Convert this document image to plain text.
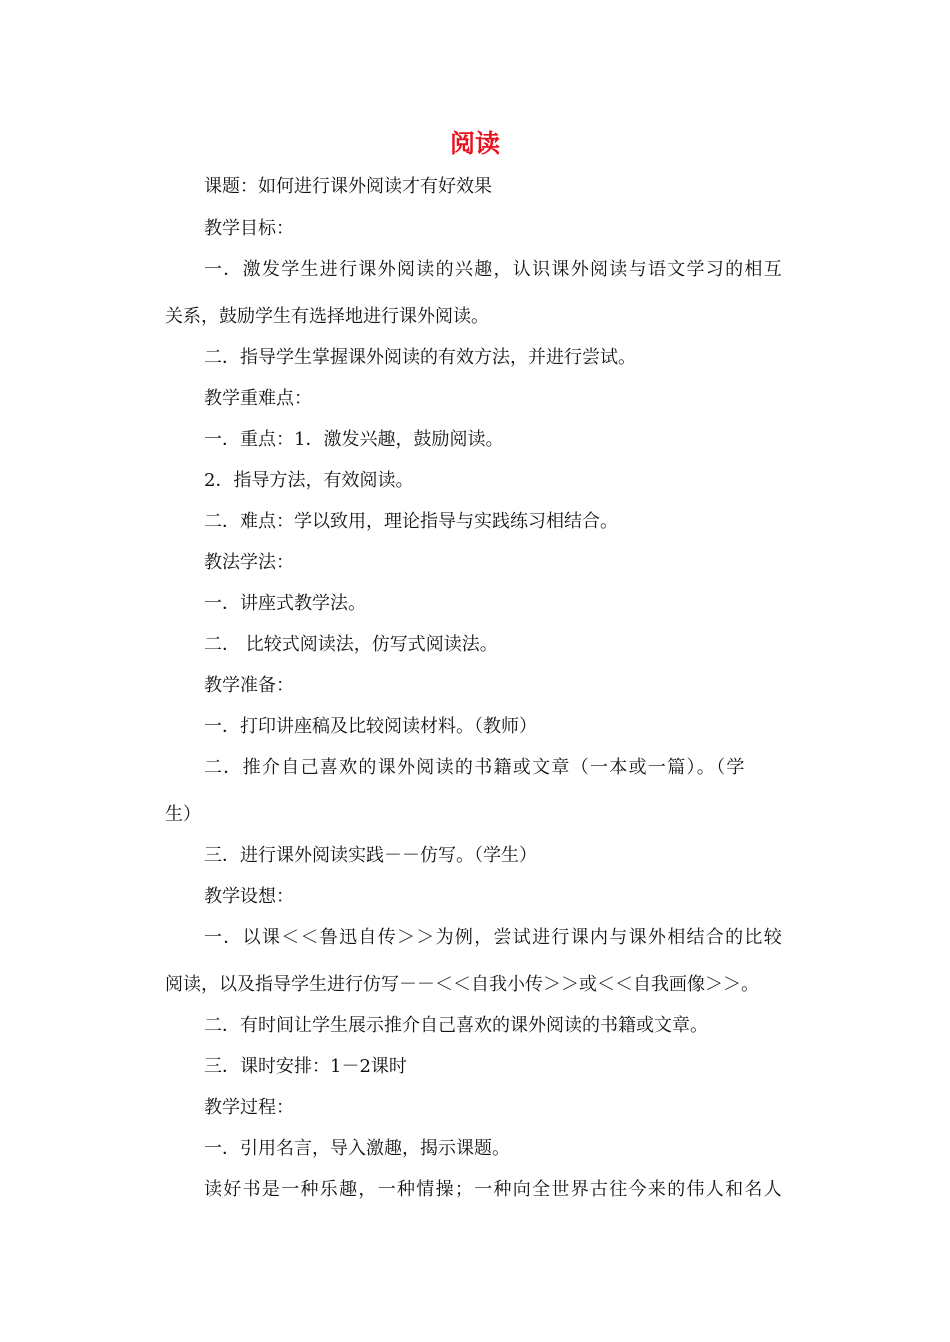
阅读

课题：如何进行课外阅读才有好效果

教学目标：

一．激发学生进行课外阅读的兴趣，认识课外阅读与语文学习的相互

关系，鼓励学生有选择地进行课外阅读。

二．指导学生掌握课外阅读的有效方法，并进行尝试。

教学重难点：

一．重点：1．激发兴趣，鼓励阅读。

2．指导方法，有效阅读。

二．难点：学以致用，理论指导与实践练习相结合。

教法学法：

一．讲座式教学法。

二． 比较式阅读法，仿写式阅读法。

教学准备：

一．打印讲座稿及比较阅读材料。（教师）

二．推介自己喜欢的课外阅读的书籍或文章（一本或一篇）。（学

生）

三．进行课外阅读实践－－仿写。（学生）

教学设想：

一．以课＜＜鲁迅自传＞＞为例，尝试进行课内与课外相结合的比较

阅读，以及指导学生进行仿写－－＜＜自我小传＞＞或＜＜自我画像＞＞。

二．有时间让学生展示推介自己喜欢的课外阅读的书籍或文章。

三．课时安排：1－2课时

教学过程：

一．引用名言，导入激趣，揭示课题。

读好书是一种乐趣，一种情操；一种向全世界古往今来的伟人和名人
